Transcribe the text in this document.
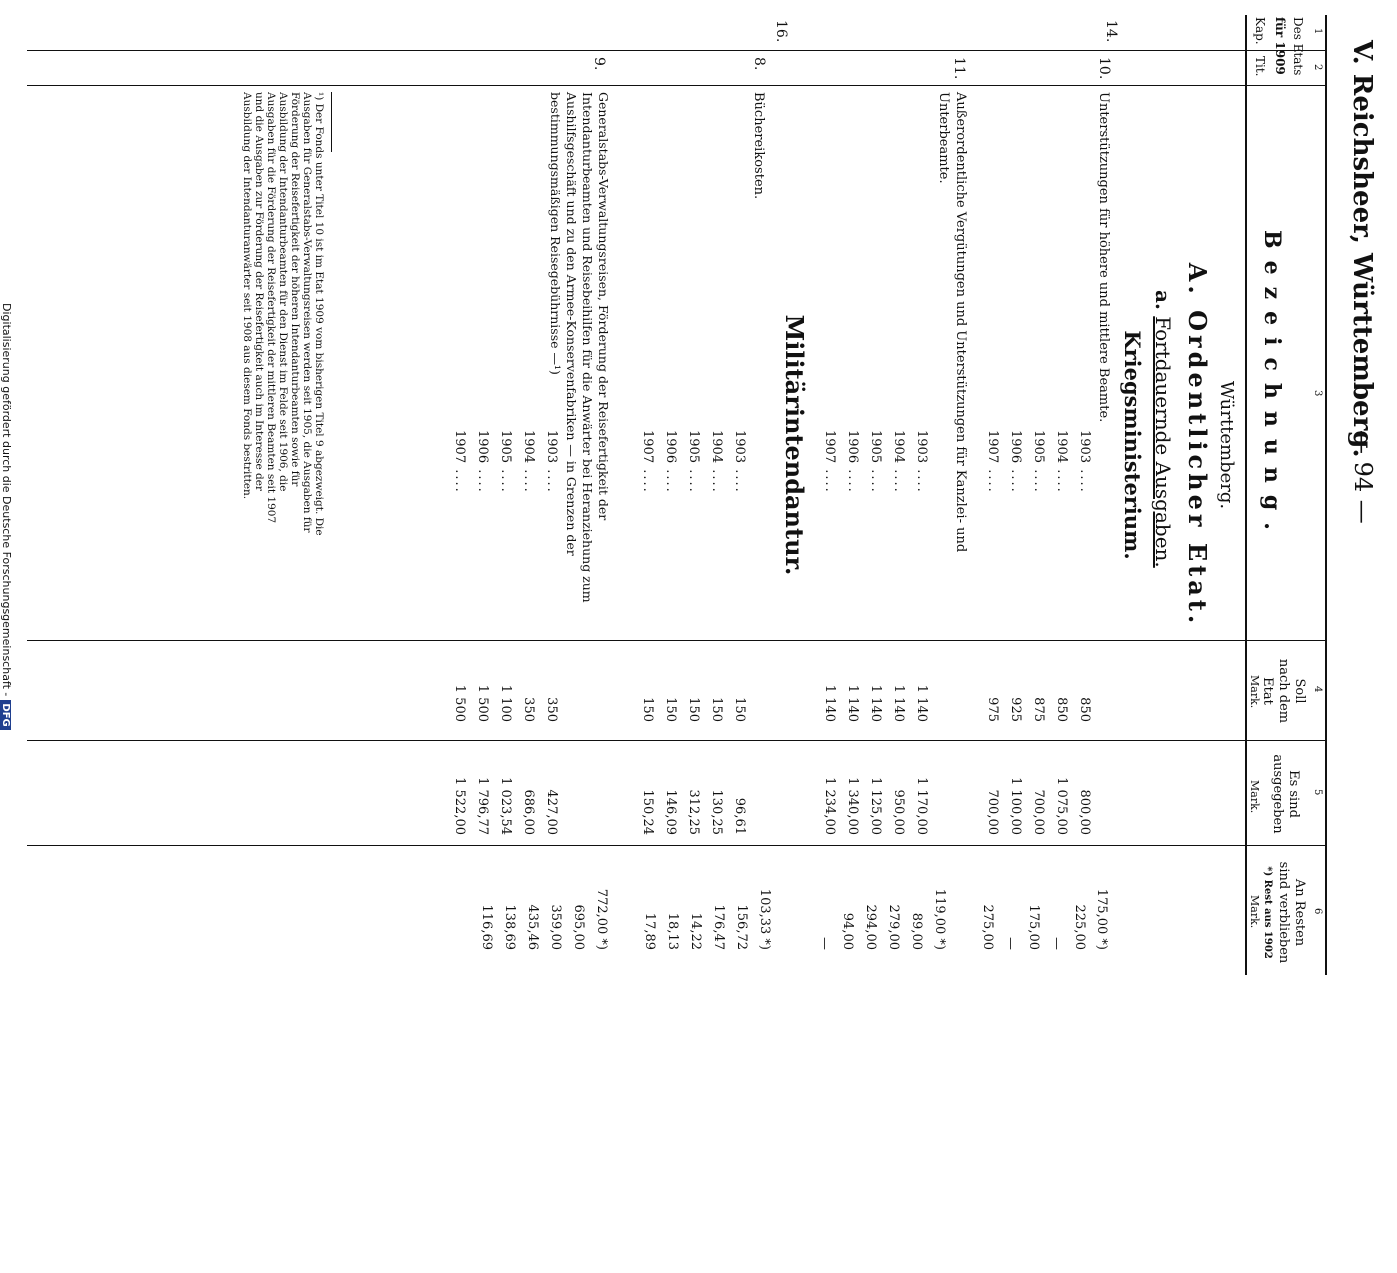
Digitalisierung gefördert durch die Deutsche Forschungsgemeinschaft -DFG
V. Reichsheer, Württemberg.
— 94 —
1
2
3
4
5
6
Des Etats
für 1909
Kap.
Tit.
Bezeichnung.
Soll
nach dem
Etat
Mark.
Es sind
ausgegeben
Mark.
An Resten
sind verblieben
*) Rest aus 1902
Mark.
Württemberg.
A. Ordentlicher Etat.
a. Fortdauernde Ausgaben.
Kriegsministerium.
14.
10.
Unterstützungen für höhere und mittlere Beamte.
1903 ....
850
800,00
175,00 *)
1904 ....
850
1 075,00
225,00
1905 ....
875
700,00
—
1906 ....
925
1 100,00
175,00
1907 ....
975
700,00
—
275,00
11.
Außerordentliche Vergütungen und Unterstützungen für Kanzlei- und Unterbeamte.
1903 ....
1 140
1 170,00
119,00 *)
1904 ....
1 140
950,00
89,00
1905 ....
1 140
1 125,00
279,00
1906 ....
1 140
1 340,00
294,00
1907 ....
1 140
1 234,00
94,00
—
Militärintendantur.
16.
8.
Büchereikosten.
103,33 *)
1903 ....
150
96,61
156,72
1904 ....
150
130,25
176,47
1905 ....
150
312,25
14,22
1906 ....
150
146,09
18,13
1907 ....
150
150,24
17,89
9.
Generalstabs-Verwaltungsreisen, Förderung der Reisefertigkeit der Intendanturbeamten und Reisebeihilfen für die Anwärter bei Heranziehung zum Aushilfsgeschäft und zu den Armee-Konservenfabriken — in Grenzen der bestimmungsmäßigen Reisegebührnisse —¹)
772,00 *)
1903 ....
350
427,00
695,00
1904 ....
350
686,00
359,00
1905 ....
1 100
1 023,54
435,46
1906 ....
1 500
1 796,77
138,69
1907 ....
1 500
1 522,00
116,69
¹) Der Fonds unter Titel 10 ist im Etat 1909 vom bisherigen Titel 9 abgezweigt. Die Ausgaben für Generalstabs-Verwaltungsreisen werden seit 1905, die Ausgaben für Förderung der Reisefertigkeit der höheren Intendanturbeamten sowie für Ausbildung der Intendanturbeamten für den Dienst im Felde seit 1906, die Ausgaben für die Förderung der Reisefertigkeit der mittleren Beamten seit 1907 und die Ausgaben zur Förderung der Reisefertigkeit auch im Interesse der Ausbildung der Intendanturanwärter seit 1908 aus diesem Fonds bestritten.
